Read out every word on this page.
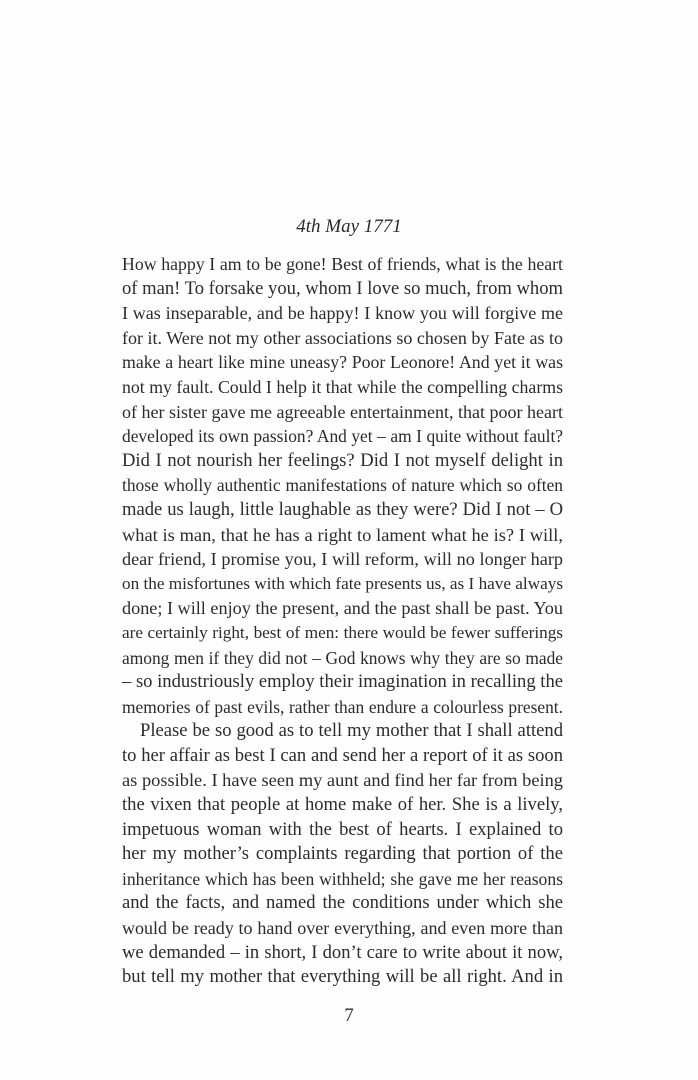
4th May 1771
How happy I am to be gone! Best of friends, what is the heart
of man! To forsake you, whom I love so much, from whom
I was inseparable, and be happy! I know you will forgive me
for it. Were not my other associations so chosen by Fate as to
make a heart like mine uneasy? Poor Leonore! And yet it was
not my fault. Could I help it that while the compelling charms
of her sister gave me agreeable entertainment, that poor heart
developed its own passion? And yet – am I quite without fault?
Did I not nourish her feelings? Did I not myself delight in
those wholly authentic manifestations of nature which so often
made us laugh, little laughable as they were? Did I not – O
what is man, that he has a right to lament what he is? I will,
dear friend, I promise you, I will reform, will no longer harp
on the misfortunes with which fate presents us, as I have always
done; I will enjoy the present, and the past shall be past. You
are certainly right, best of men: there would be fewer sufferings
among men if they did not – God knows why they are so made
– so industriously employ their imagination in recalling the
memories of past evils, rather than endure a colourless present.
Please be so good as to tell my mother that I shall attend
to her affair as best I can and send her a report of it as soon
as possible. I have seen my aunt and find her far from being
the vixen that people at home make of her. She is a lively,
impetuous woman with the best of hearts. I explained to
her my mother’s complaints regarding that portion of the
inheritance which has been withheld; she gave me her reasons
and the facts, and named the conditions under which she
would be ready to hand over everything, and even more than
we demanded – in short, I don’t care to write about it now,
but tell my mother that everything will be all right. And in
7
